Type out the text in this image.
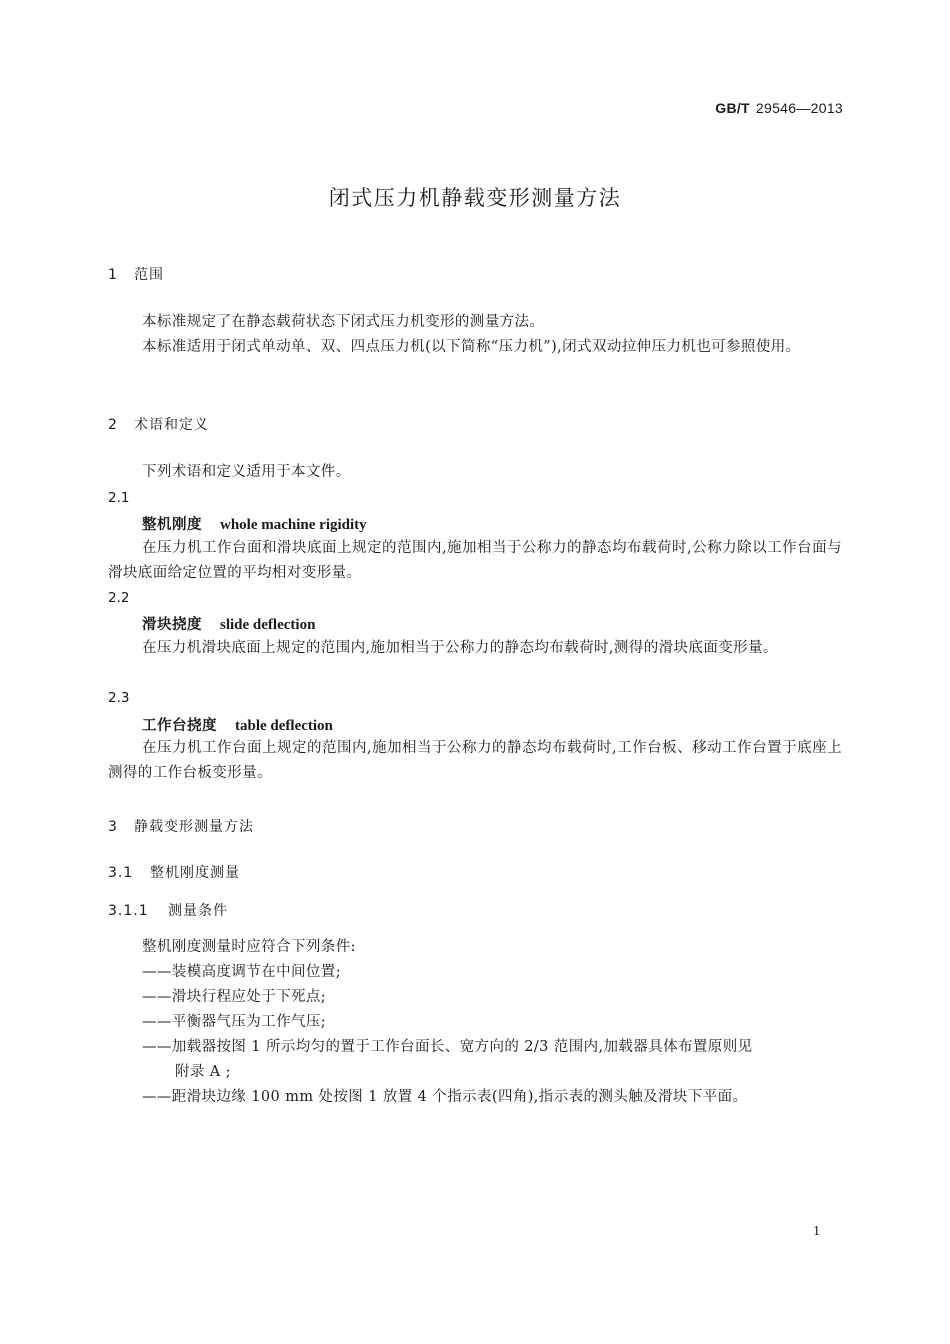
GB/T 29546—2013
闭式压力机静载变形测量方法
1 范围
本标准规定了在静态载荷状态下闭式压力机变形的测量方法。
本标准适用于闭式单动单、双、四点压力机(以下简称“压力机”),闭式双动拉伸压力机也可参照使用。
2 术语和定义
下列术语和定义适用于本文件。
2.1
整机刚度 whole machine rigidity
在压力机工作台面和滑块底面上规定的范围内,施加相当于公称力的静态均布载荷时,公称力除以工作台面与滑块底面给定位置的平均相对变形量。
2.2
滑块挠度 slide deflection
在压力机滑块底面上规定的范围内,施加相当于公称力的静态均布载荷时,测得的滑块底面变形量。
2.3
工作台挠度 table deflection
在压力机工作台面上规定的范围内,施加相当于公称力的静态均布载荷时,工作台板、移动工作台置于底座上测得的工作台板变形量。
3 静载变形测量方法
3.1 整机刚度测量
3.1.1 测量条件
整机刚度测量时应符合下列条件:
——装模高度调节在中间位置;
——滑块行程应处于下死点;
——平衡器气压为工作气压;
——加载器按图 1 所示均匀的置于工作台面长、宽方向的 2/3 范围内,加载器具体布置原则见
附录 A ;
——距滑块边缘 100 mm 处按图 1 放置 4 个指示表(四角),指示表的测头触及滑块下平面。
1
